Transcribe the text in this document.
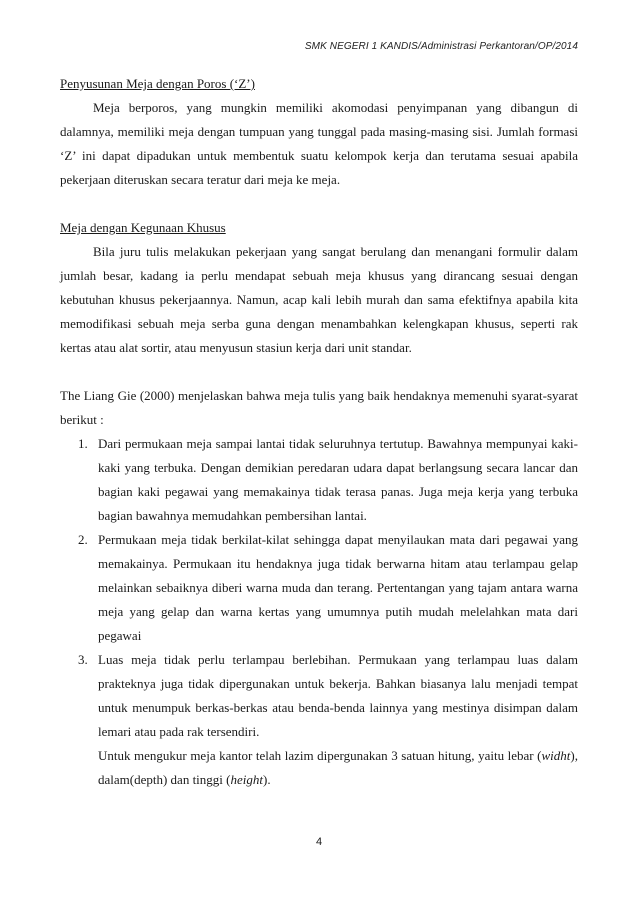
SMK NEGERI 1 KANDIS/Administrasi Perkantoran/OP/2014

Penyusunan Meja dengan Poros (‘Z’)

Meja berporos, yang mungkin memiliki akomodasi penyimpanan yang dibangun di dalamnya, memiliki meja dengan tumpuan yang tunggal pada masing-masing sisi. Jumlah formasi ‘Z’ ini dapat dipadukan untuk membentuk suatu kelompok kerja dan terutama sesuai apabila pekerjaan diteruskan secara teratur dari meja ke meja.

Meja dengan Kegunaan Khusus

Bila juru tulis melakukan pekerjaan yang sangat berulang dan menangani formulir dalam jumlah besar, kadang ia perlu mendapat sebuah meja khusus yang dirancang sesuai dengan kebutuhan khusus pekerjaannya. Namun, acap kali lebih murah dan sama efektifnya apabila kita memodifikasi sebuah meja serba guna dengan menambahkan kelengkapan khusus, seperti rak kertas atau alat sortir, atau menyusun stasiun kerja dari unit standar.

The Liang Gie (2000) menjelaskan bahwa meja tulis yang baik hendaknya memenuhi syarat-syarat berikut :

1. Dari permukaan meja sampai lantai tidak seluruhnya tertutup. Bawahnya mempunyai kaki-kaki yang terbuka. Dengan demikian peredaran udara dapat berlangsung secara lancar dan bagian kaki pegawai yang memakainya tidak terasa panas. Juga meja kerja yang terbuka bagian bawahnya memudahkan pembersihan lantai.
2. Permukaan meja tidak berkilat-kilat sehingga dapat menyilaukan mata dari pegawai yang memakainya. Permukaan itu hendaknya juga tidak berwarna hitam atau terlampau gelap melainkan sebaiknya diberi warna muda dan terang. Pertentangan yang tajam antara warna meja yang gelap dan warna kertas yang umumnya putih mudah melelahkan mata dari pegawai
3. Luas meja tidak perlu terlampau berlebihan. Permukaan yang terlampau luas dalam prakteknya juga tidak dipergunakan untuk bekerja. Bahkan biasanya lalu menjadi tempat untuk menumpuk berkas-berkas atau benda-benda lainnya yang mestinya disimpan dalam lemari atau pada rak tersendiri.

Untuk mengukur meja kantor telah lazim dipergunakan 3 satuan hitung, yaitu lebar (widht), dalam(depth) dan tinggi (height).

4
